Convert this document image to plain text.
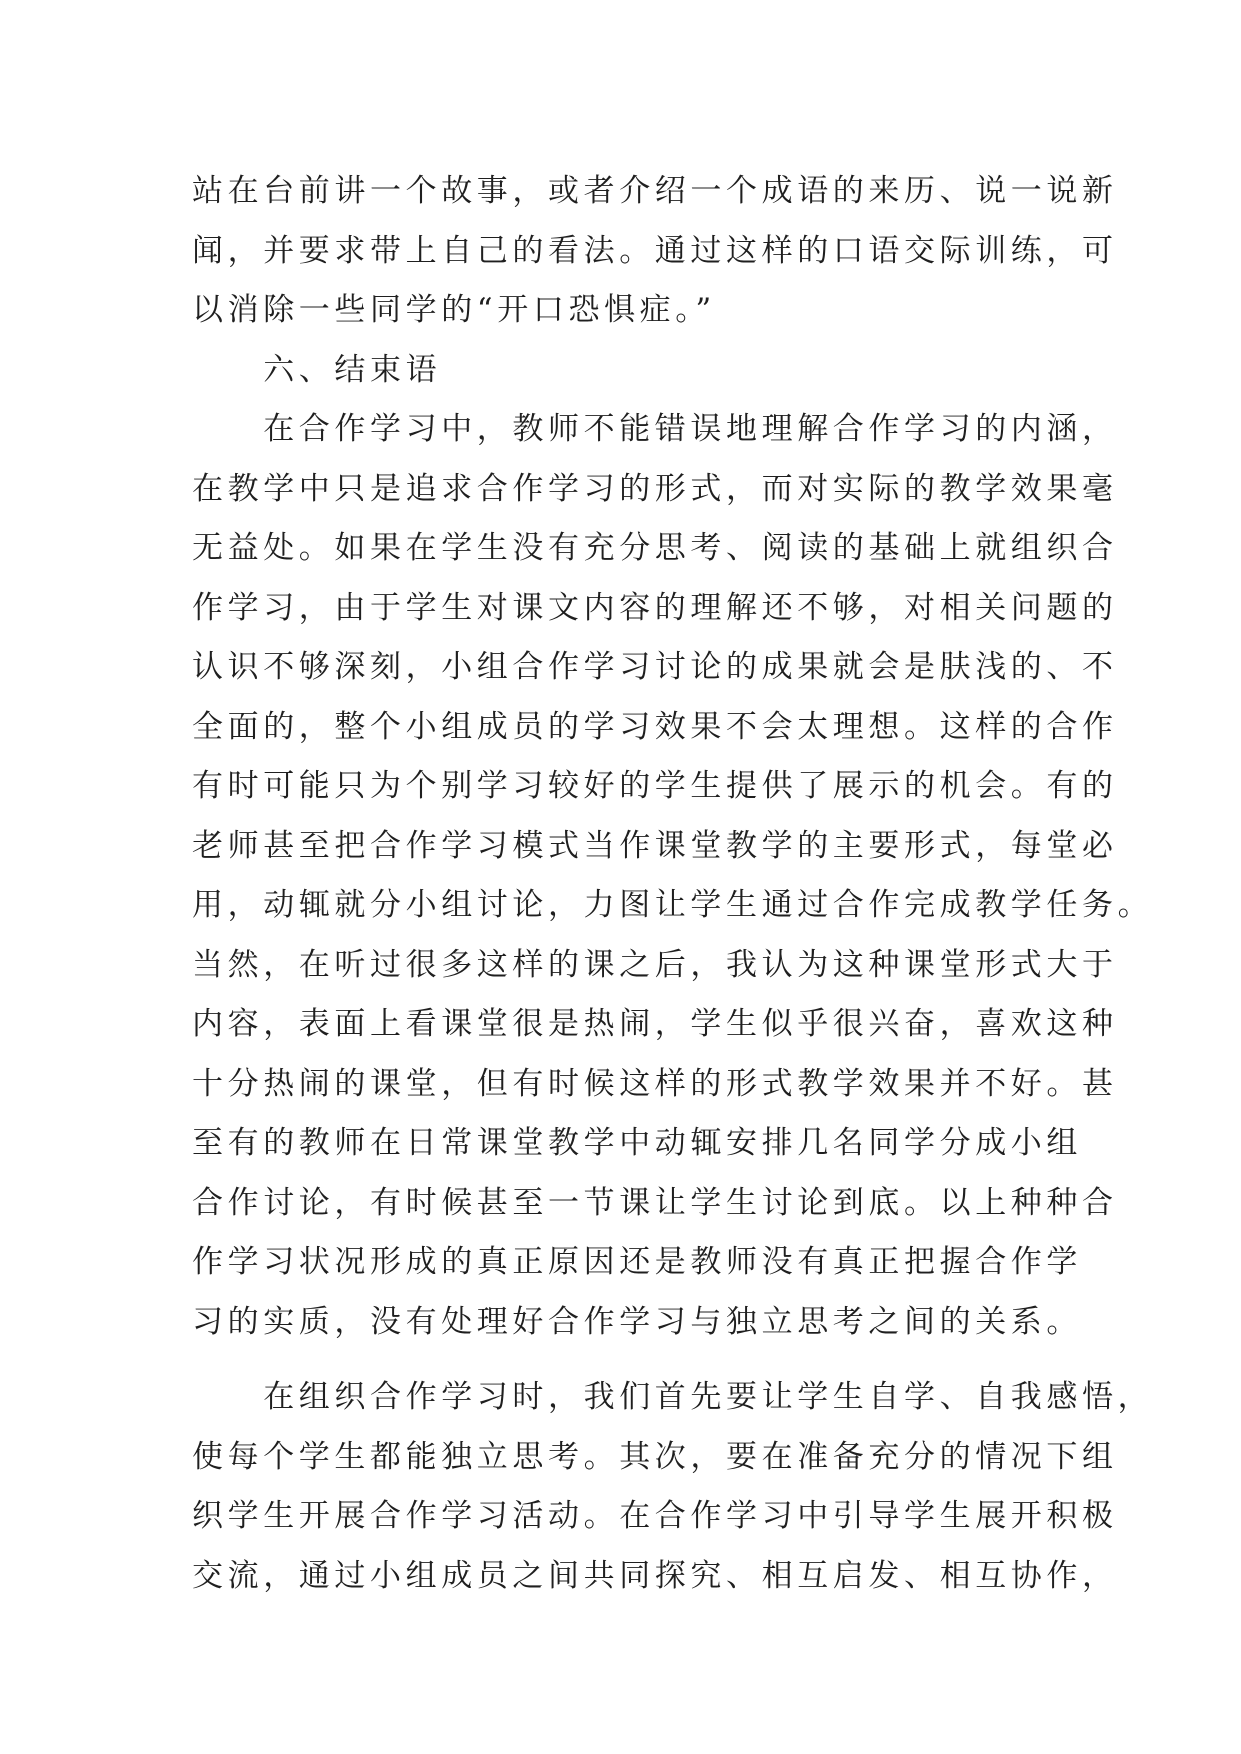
站在台前讲一个故事，或者介绍一个成语的来历、说一说新
闻，并要求带上自己的看法。通过这样的口语交际训练，可
以消除一些同学的“开口恐惧症。”
　　六、结束语
　　在合作学习中，教师不能错误地理解合作学习的内涵，
在教学中只是追求合作学习的形式，而对实际的教学效果毫
无益处。如果在学生没有充分思考、阅读的基础上就组织合
作学习，由于学生对课文内容的理解还不够，对相关问题的
认识不够深刻，小组合作学习讨论的成果就会是肤浅的、不
全面的，整个小组成员的学习效果不会太理想。这样的合作
有时可能只为个别学习较好的学生提供了展示的机会。有的
老师甚至把合作学习模式当作课堂教学的主要形式，每堂必
用，动辄就分小组讨论，力图让学生通过合作完成教学任务。
当然，在听过很多这样的课之后，我认为这种课堂形式大于
内容，表面上看课堂很是热闹，学生似乎很兴奋，喜欢这种
十分热闹的课堂，但有时候这样的形式教学效果并不好。甚
至有的教师在日常课堂教学中动辄安排几名同学分成小组
合作讨论，有时候甚至一节课让学生讨论到底。以上种种合
作学习状况形成的真正原因还是教师没有真正把握合作学
习的实质，没有处理好合作学习与独立思考之间的关系。
　　在组织合作学习时，我们首先要让学生自学、自我感悟，
使每个学生都能独立思考。其次，要在准备充分的情况下组
织学生开展合作学习活动。在合作学习中引导学生展开积极
交流，通过小组成员之间共同探究、相互启发、相互协作，
